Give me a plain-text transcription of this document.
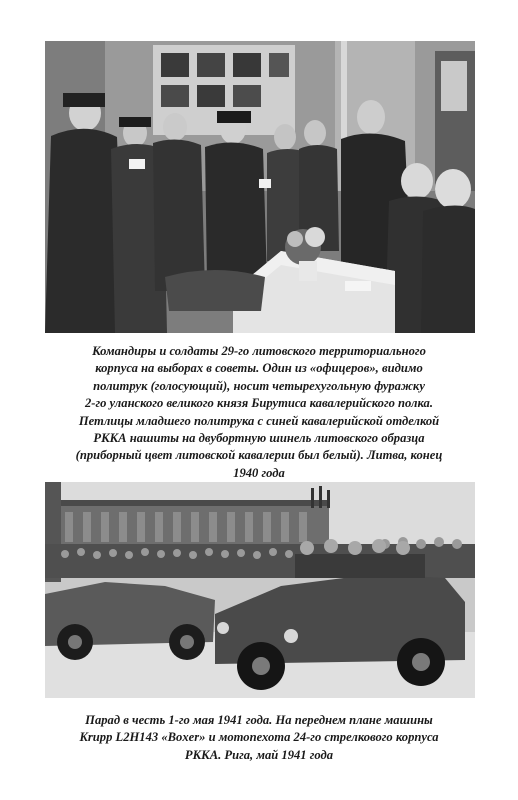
Командиры и солдаты 29-го литовского территориального
корпуса на выборах в советы. Один из «офицеров», видимо
политрук (голосующий), носит четырехугольную фуражку
2-го уланского великого князя Бирутиса кавалерийского полка.
Петлицы младшего политрука с синей кавалерийской отделкой
РККА нашиты на двубортную шинель литовского образца
(приборный цвет литовской кавалерии был белый). Литва, конец
1940 года
Парад в честь 1-го мая 1941 года. На переднем плане машины
Krupp L2H143 «Boxer» и мотопехота 24-го стрелкового корпуса
РККА. Рига, май 1941 года
